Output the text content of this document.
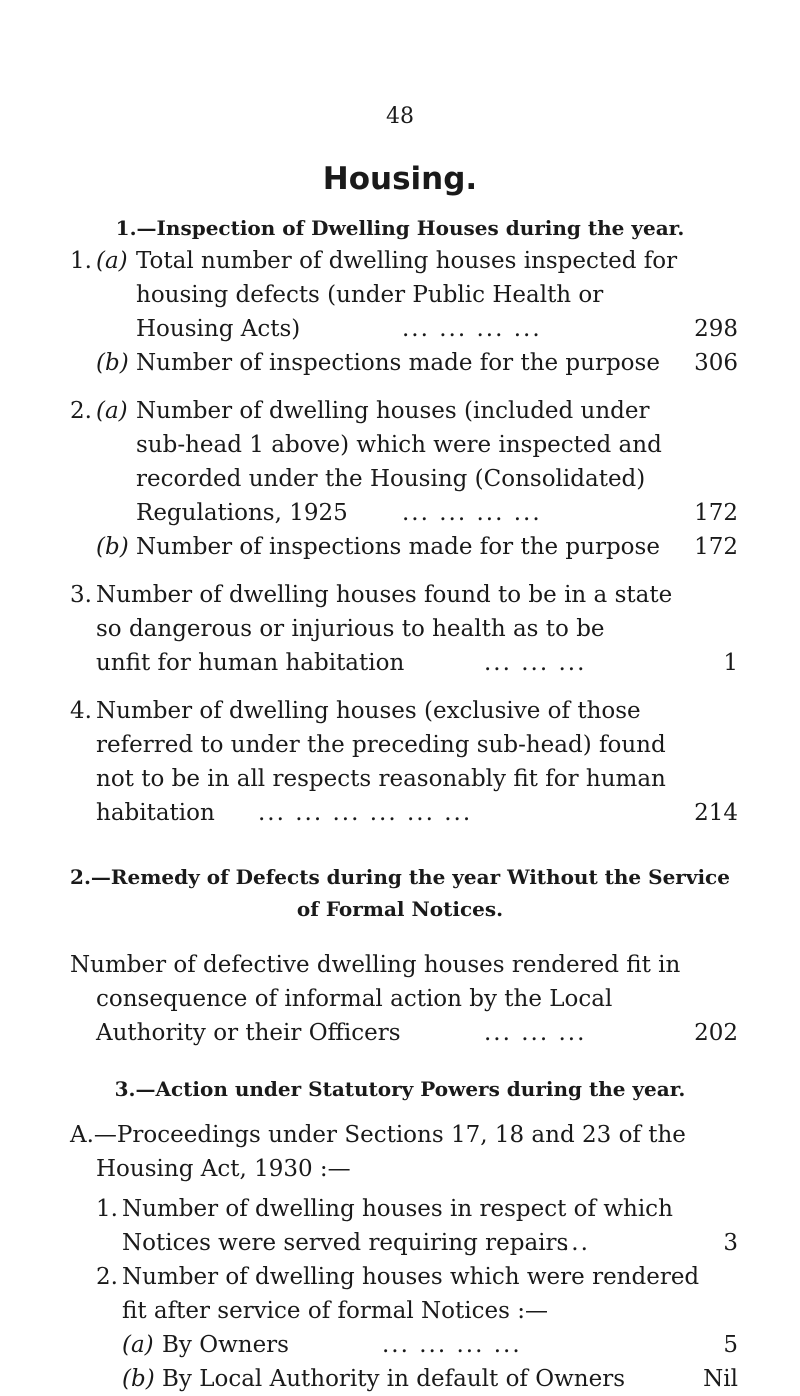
48
Housing.
1.—Inspection of Dwelling Houses during the year.
1. (a) Total number of dwelling houses inspected for
housing defects (under Public Health or
Housing Acts)	... ... ... ...	298
(b) Number of inspections made for the purpose 306
2. (a) Number of dwelling houses (included under
sub-head 1 above) which were inspected and
recorded under the Housing (Consolidated)
Regulations, 1925 ... ... ... ...	172
(b) Number of inspections made for the purpose 172
3. Number of dwelling houses found to be in a state
so dangerous or injurious to health as to be
unfit for human habitation	... ... ...	1
4. Number of dwelling houses (exclusive of those
referred to under the preceding sub-head) found
not to be in all respects reasonably fit for human
habitation ... ... ... ... ... ...	214
2.—Remedy of Defects during the year Without the Service
of Formal Notices.
Number of defective dwelling houses rendered fit in
consequence of informal action by the Local
Authority or their Officers	... ... ...	202
3.—Action under Statutory Powers during the year.
A.—Proceedings under Sections 17, 18 and 23 of the
Housing Act, 1930 :—
1. Number of dwelling houses in respect of which
Notices were served requiring repairs
...	3
2. Number of dwelling houses which were rendered
fit after service of formal Notices :—
(a) By Owners	... ... ... ...	5
(b) By Local Authority in default of Owners	Nil
